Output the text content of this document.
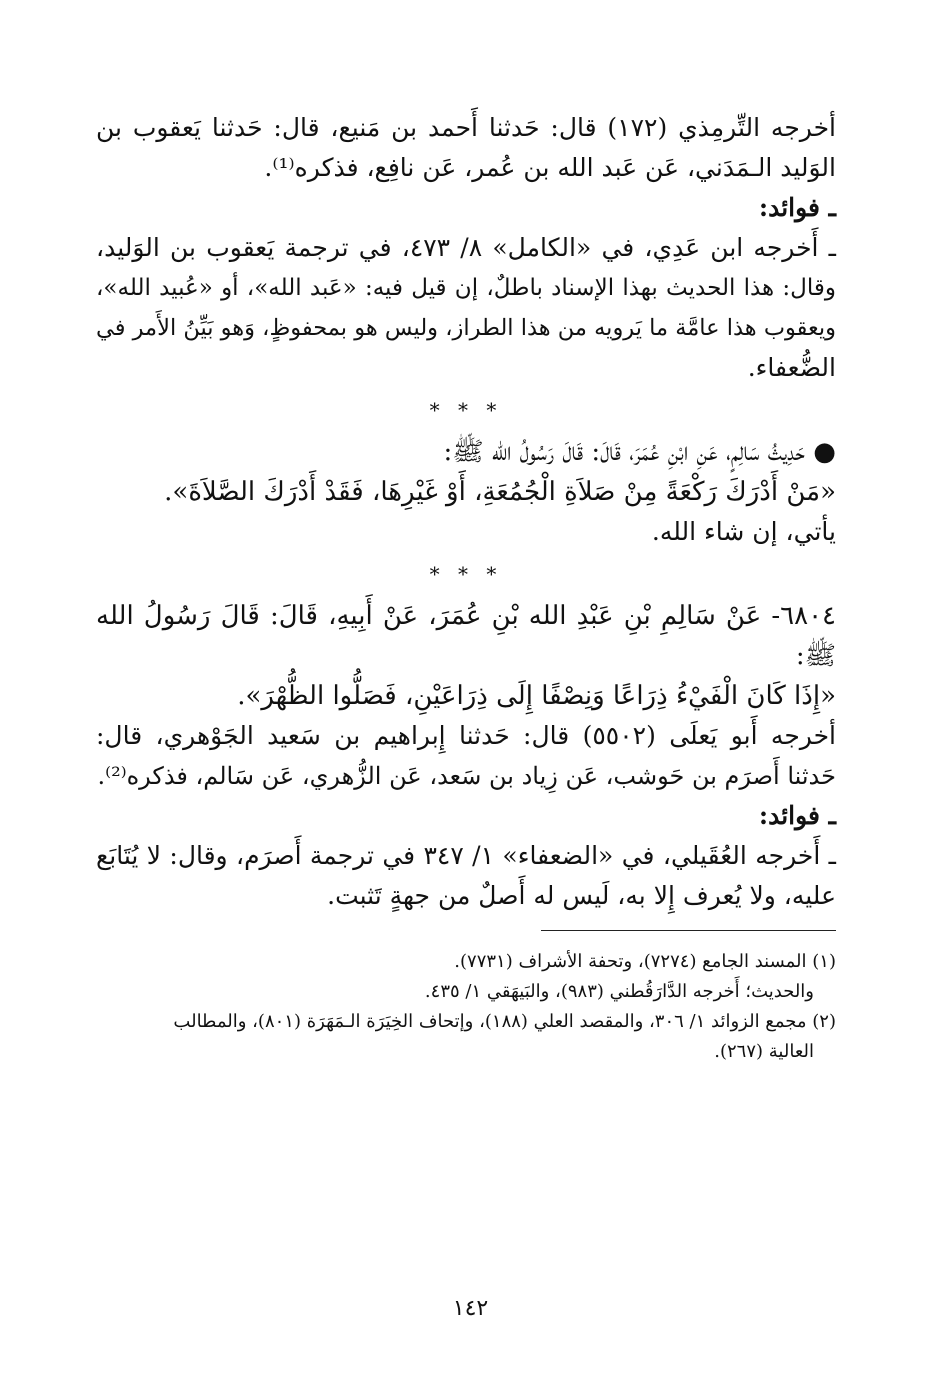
أخرجه التِّرمِذي (١٧٢) قال: حَدثنا أَحمد بن مَنيع، قال: حَدثنا يَعقوب بن
الوَليد الـمَدَني، عَن عَبد الله بن عُمر، عَن نافِع، فذكره⁽¹⁾.
ـ فوائد:
ـ أَخرجه ابن عَدِي، في «الكامل» ٨/ ٤٧٣، في ترجمة يَعقوب بن الوَليد،
وقال: هذا الحديث بهذا الإسناد باطلٌ، إن قيل فيه: «عَبد الله»، أو «عُبيد الله»،
ويعقوب هذا عامَّة ما يَرويه من هذا الطراز، وليس هو بمحفوظٍ، وَهو بَيِّنُ الأَمر في
الضُّعفاء.
* * *
● حَدِيثُ سَالِمٍ، عَنِ ابْنِ عُمَرَ، قَالَ: قَالَ رَسُولُ الله ﷺ:
«مَنْ أَدْرَكَ رَكْعَةً مِنْ صَلاَةِ الْجُمُعَةِ، أَوْ غَيْرِهَا، فَقَدْ أَدْرَكَ الصَّلاَةَ».
يأتي، إن شاء الله.
* * *
٦٨٠٤- عَنْ سَالِمِ بْنِ عَبْدِ الله بْنِ عُمَرَ، عَنْ أَبِيهِ، قَالَ: قَالَ رَسُولُ الله
ﷺ:
«إِذَا كَانَ الْفَيْءُ ذِرَاعًا وَنِصْفًا إِلَى ذِرَاعَيْنِ، فَصَلُّوا الظُّهْرَ».
أخرجه أَبو يَعلَى (٥٥٠٢) قال: حَدثنا إِبراهيم بن سَعيد الجَوْهري، قال:
حَدثنا أَصرَم بن حَوشب، عَن زِياد بن سَعد، عَن الزُّهري، عَن سَالم، فذكره⁽²⁾.
ـ فوائد:
ـ أَخرجه العُقَيلي، في «الضعفاء» ١/ ٣٤٧ في ترجمة أَصرَم، وقال: لا يُتَابَع
عليه، ولا يُعرف إِلا به، لَيس له أَصلٌ من جهةٍ تَثبت.
(١) المسند الجامع (٧٢٧٤)، وتحفة الأشراف (٧٧٣١).
والحديث؛ أَخرجه الدَّارَقُطني (٩٨٣)، والبَيهَقي ١/ ٤٣٥.
(٢) مجمع الزوائد ١/ ٣٠٦، والمقصد العلي (١٨٨)، وإتحاف الخِيَرَة الـمَهَرَة (٨٠١)، والمطالب
العالية (٢٦٧).
١٤٢
